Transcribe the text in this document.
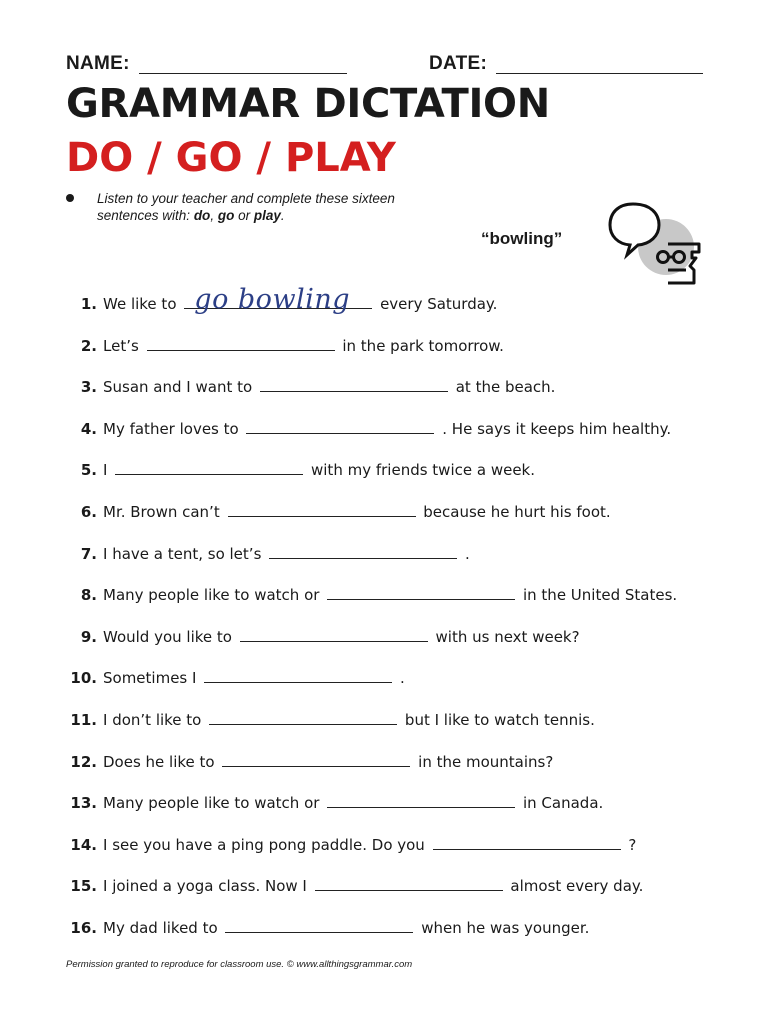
NAME:	DATE:
GRAMMAR DICTATION
DO / GO / PLAY
Listen to your teacher and complete these sixteen
sentences with: do, go or play.
“bowling”
1. We like to go bowling every Saturday.
2. Let’s	in the park tomorrow.
3. Susan and I want to	at the beach.
4. My father loves to	. He says it keeps him healthy.
5. I	with my friends twice a week.
6. Mr. Brown can’t	because he hurt his foot.
7. I have a tent, so let’s	.
8. Many people like to watch or	in the United States.
9. Would you like to	with us next week?
10. Sometimes I	.
11. I don’t like to	but I like to watch tennis.
12. Does he like to	in the mountains?
13. Many people like to watch or	in Canada.
14. I see you have a ping pong paddle. Do you	?
15. I joined a yoga class. Now I	almost every day.
16. My dad liked to	when he was younger.
Permission granted to reproduce for classroom use. © www.allthingsgrammar.com
